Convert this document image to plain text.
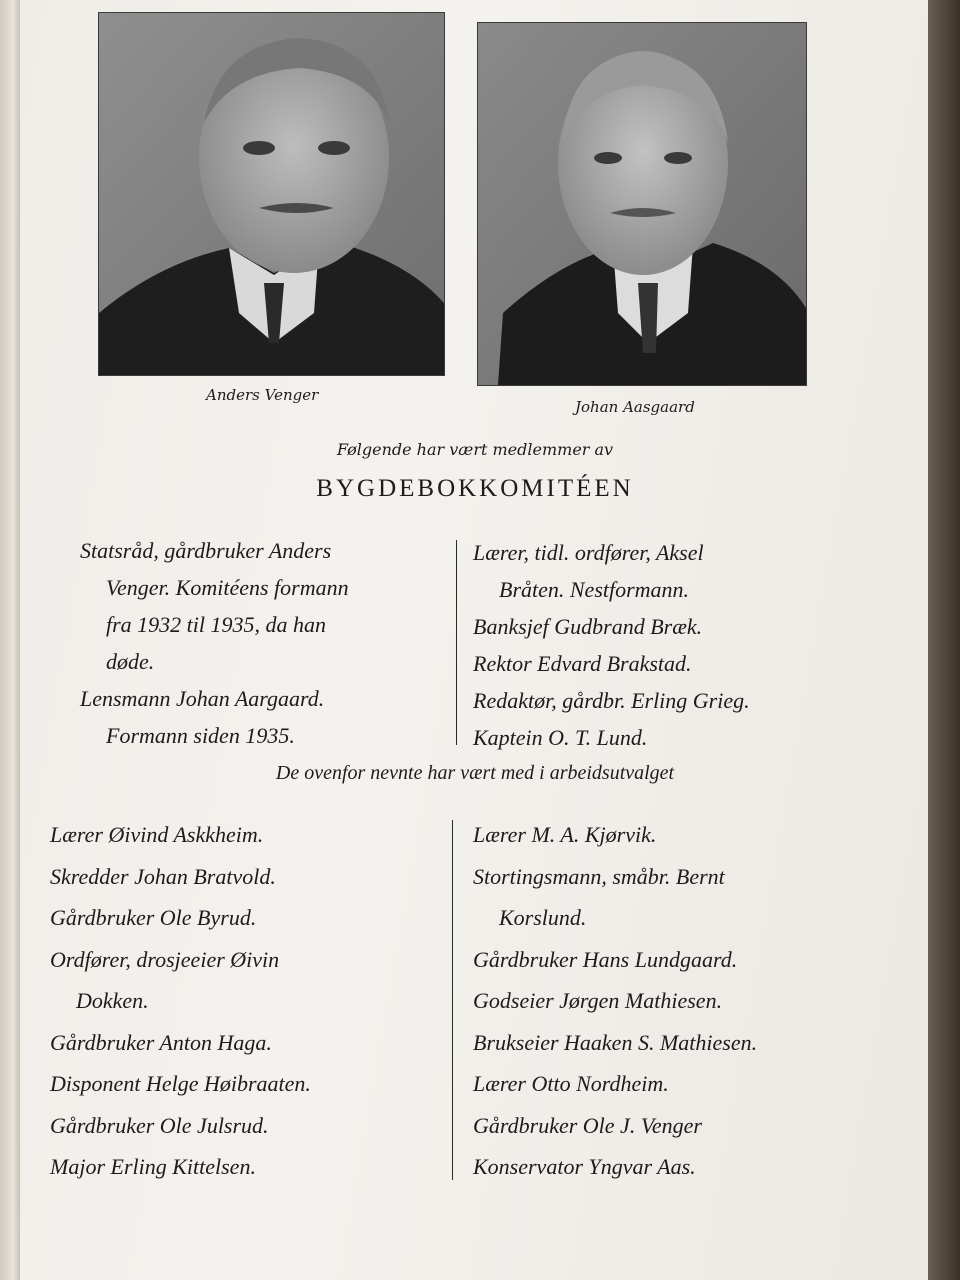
Anders Venger
Johan Aasgaard
Følgende har vært medlemmer av
BYGDEBOKKOMITÉEN
Statsråd, gårdbruker Anders
Venger. Komitéens formann
fra 1932 til 1935, da han
døde.
Lensmann Johan Aargaard.
Formann siden 1935.
Lærer, tidl. ordfører, Aksel
Bråten. Nestformann.
Banksjef Gudbrand Bræk.
Rektor Edvard Brakstad.
Redaktør, gårdbr. Erling Grieg.
Kaptein O. T. Lund.
De ovenfor nevnte har vært med i arbeidsutvalget
Lærer Øivind Askkheim.
Skredder Johan Bratvold.
Gårdbruker Ole Byrud.
Ordfører, drosjeeier Øivin
Dokken.
Gårdbruker Anton Haga.
Disponent Helge Høibraaten.
Gårdbruker Ole Julsrud.
Major Erling Kittelsen.
Lærer M. A. Kjørvik.
Stortingsmann, småbr. Bernt
Korslund.
Gårdbruker Hans Lundgaard.
Godseier Jørgen Mathiesen.
Brukseier Haaken S. Mathiesen.
Lærer Otto Nordheim.
Gårdbruker Ole J. Venger
Konservator Yngvar Aas.
